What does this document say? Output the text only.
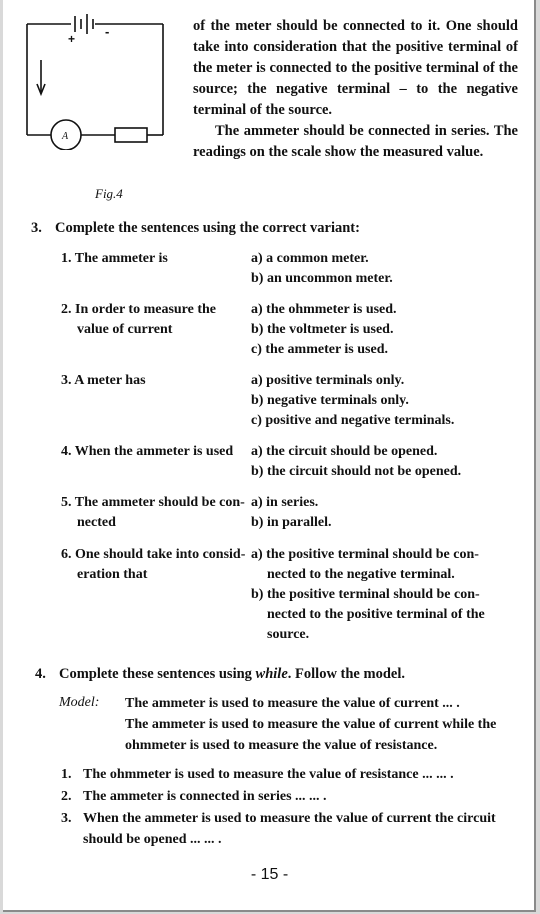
+ -
A
Fig.4

of the meter should be connected to it. One should take into consideration that the positive terminal of the meter is connected to the positive terminal of the source; the negative terminal – to the negative terminal of the source.

The ammeter should be connected in series. The readings on the scale show the measured value.

3. Complete the sentences using the correct variant:
1. The ammeter is	a) a common meter.
b) an uncommon meter.
2. In order to measure the
value of current
a) the ohmmeter is used.
b) the voltmeter is used.
c) the ammeter is used.
3. A meter has	a) positive terminals only.
b) negative terminals only.
c) positive and negative terminals.
4. When the ammeter is used a) the circuit should be opened.
b) the circuit should not be opened.
5. The ammeter should be con-
nected
a) in series.
b) in parallel.
6. One should take into consid-
eration that
a) the positive terminal should be con-
nected to the negative terminal.
b) the positive terminal should be con-
nected to the positive terminal of the
source.
4. Complete these sentences using while. Follow the model.
Model: The ammeter is used to measure the value of current ... .
The ammeter is used to measure the value of current while the
ohmmeter is used to measure the value of resistance.
1. The ohmmeter is used to measure the value of resistance ... ... .
2. The ammeter is connected in series ... ... .
3. When the ammeter is used to measure the value of current the circuit
should be opened ... ... .
- 15 -
